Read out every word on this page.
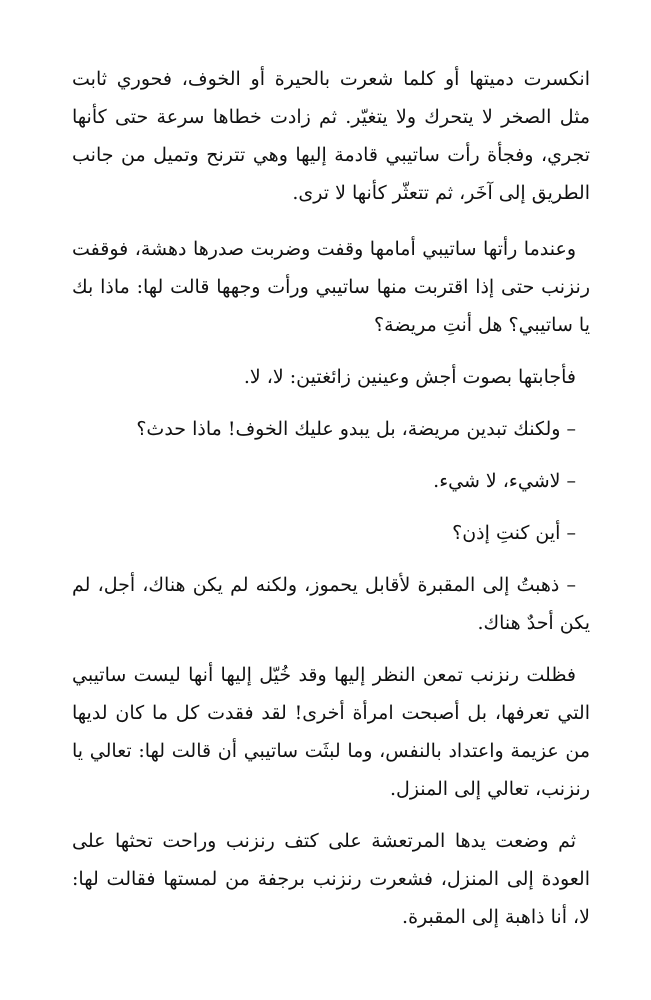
انكسرت دميتها أو كلما شعرت بالحيرة أو الخوف، فحوري ثابت مثل الصخر لا يتحرك ولا يتغيّر. ثم زادت خطاها سرعة حتى كأنها تجري، وفجأة رأت ساتيبي قادمة إليها وهي تترنح وتميل من جانب الطريق إلى آخَر، ثم تتعثّر كأنها لا ترى.

وعندما رأتها ساتيبي أمامها وقفت وضربت صدرها دهشة، فوقفت رنزنب حتى إذا اقتربت منها ساتيبي ورأت وجهها قالت لها: ماذا بك يا ساتيبي؟ هل أنتِ مريضة؟

فأجابتها بصوت أجش وعينين زائغتين: لا، لا.

– ولكنك تبدين مريضة، بل يبدو عليك الخوف! ماذا حدث؟

– لاشيء، لا شيء.

– أين كنتِ إذن؟

– ذهبتُ إلى المقبرة لأقابل يحموز، ولكنه لم يكن هناك، أجل، لم يكن أحدٌ هناك.

فظلت رنزنب تمعن النظر إليها وقد خُيّل إليها أنها ليست ساتيبي التي تعرفها، بل أصبحت امرأة أخرى! لقد فقدت كل ما كان لديها من عزيمة واعتداد بالنفس، وما لبثَت ساتيبي أن قالت لها: تعالي يا رنزنب، تعالي إلى المنزل.

ثم وضعت يدها المرتعشة على كتف رنزنب وراحت تحثها على العودة إلى المنزل، فشعرت رنزنب برجفة من لمستها فقالت لها: لا، أنا ذاهبة إلى المقبرة.
